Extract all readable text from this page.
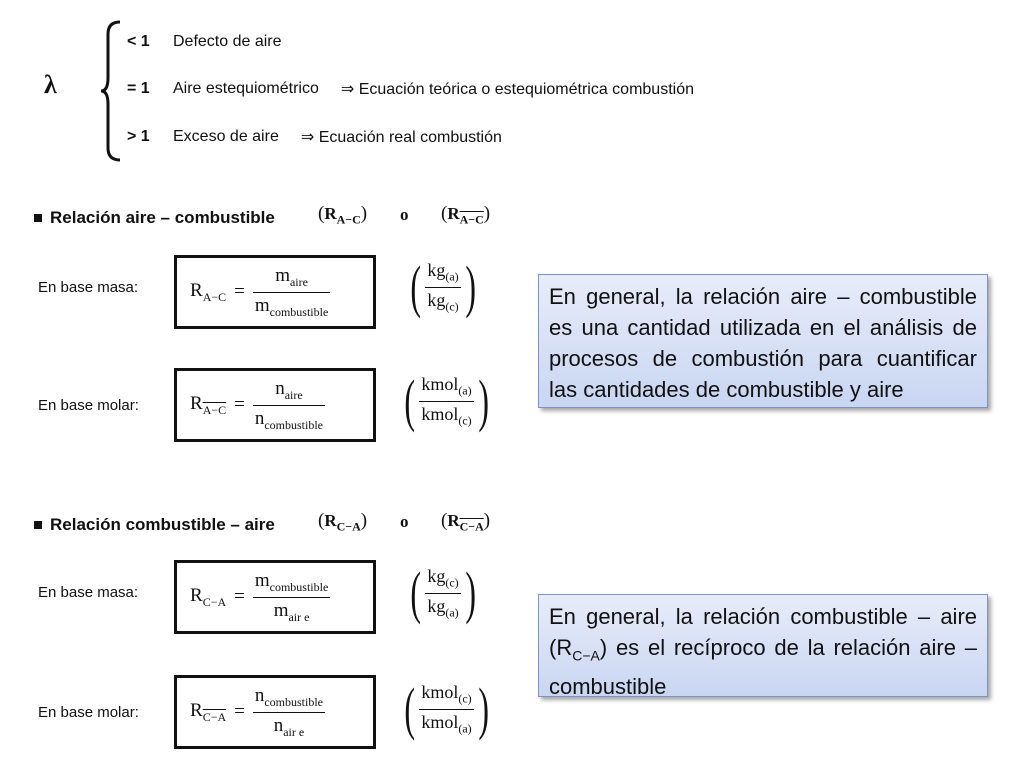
λ
< 1	Defecto de aire
= 1	Aire estequiométrico ⇒ Ecuación teórica o estequiométrica combustión
> 1	Exceso de aire ⇒ Ecuación real combustión
Relación aire – combustible $(R_{A-C})$ o $(R_{A-C})$
En base masa:	$R_{A-C} = \frac{m_{aire}}{m_{combustible}}$ ( $\frac{kg_{(a)}}{kg_{(c)}}$ )
En base molar:	$R_{A-C} = \frac{n_{aire}}{n_{combustible}}$ ( $\frac{kmol_{(a)}}{kmol_{(c)}}$ )
En general, la relación aire – combustible es una cantidad utilizada en el análisis de procesos de combustión para cuantificar las cantidades de combustible y aire
Relación combustible – aire $(R_{C-A})$ o $(R_{C-A})$
En base masa:	$R_{C-A} = \frac{m_{combustible}}{m_{air e}}$ ( $\frac{kg_{(c)}}{kg_{(a)}}$ )
En base molar:	$R_{C-A} = \frac{n_{combustible}}{n_{air e}}$ ( $\frac{kmol_{(c)}}{kmol_{(a)}}$ )
En general, la relación combustible – aire $(R_{C-A})$ es el recíproco de la relación aire – combustible
